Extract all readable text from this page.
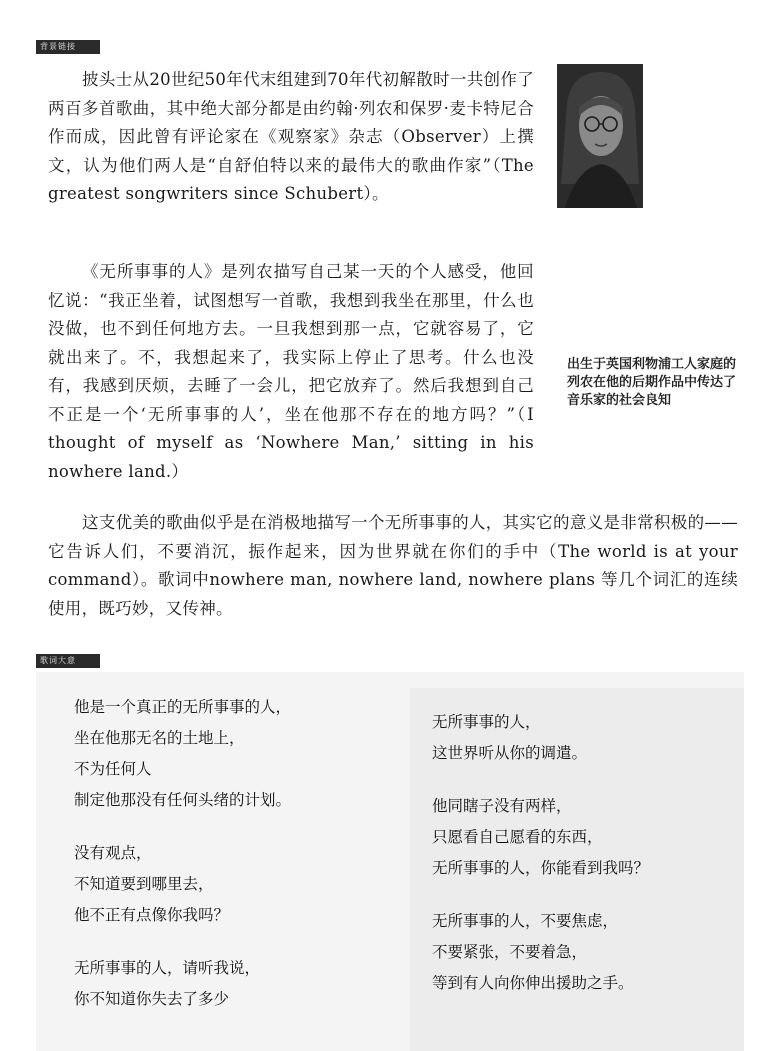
背景链接

披头士从20世纪50年代末组建到70年代初解散时一共创作了两百多首歌曲，其中绝大部分都是由约翰·列农和保罗·麦卡特尼合作而成，因此曾有评论家在《观察家》杂志（Observer）上撰文，认为他们两人是“自舒伯特以来的最伟大的歌曲作家”（The greatest songwriters since Schubert）。

《无所事事的人》是列农描写自己某一天的个人感受，他回忆说：“我正坐着，试图想写一首歌，我想到我坐在那里，什么也没做，也不到任何地方去。一旦我想到那一点，它就容易了，它就出来了。不，我想起来了，我实际上停止了思考。什么也没有，我感到厌烦，去睡了一会儿，把它放弃了。然后我想到自己不正是一个‘无所事事的人’，坐在他那不存在的地方吗？”（I thought of myself as ‘Nowhere Man,’ sitting in his nowhere land.）

出生于英国利物浦工人家庭的列农在他的后期作品中传达了音乐家的社会良知

这支优美的歌曲似乎是在消极地描写一个无所事事的人，其实它的意义是非常积极的——它告诉人们，不要消沉，振作起来，因为世界就在你们的手中（The world is at your command）。歌词中nowhere man, nowhere land, nowhere plans 等几个词汇的连续使用，既巧妙，又传神。

歌词大意
他是一个真正的无所事事的人，
坐在他那无名的土地上，
不为任何人
制定他那没有任何头绪的计划。
没有观点，
不知道要到哪里去，
他不正有点像你我吗？
无所事事的人，请听我说，
你不知道你失去了多少
无所事事的人，
这世界听从你的调遣。
他同瞎子没有两样，
只愿看自己愿看的东西，
无所事事的人，你能看到我吗？
无所事事的人，不要焦虑，
不要紧张，不要着急，
等到有人向你伸出援助之手。
